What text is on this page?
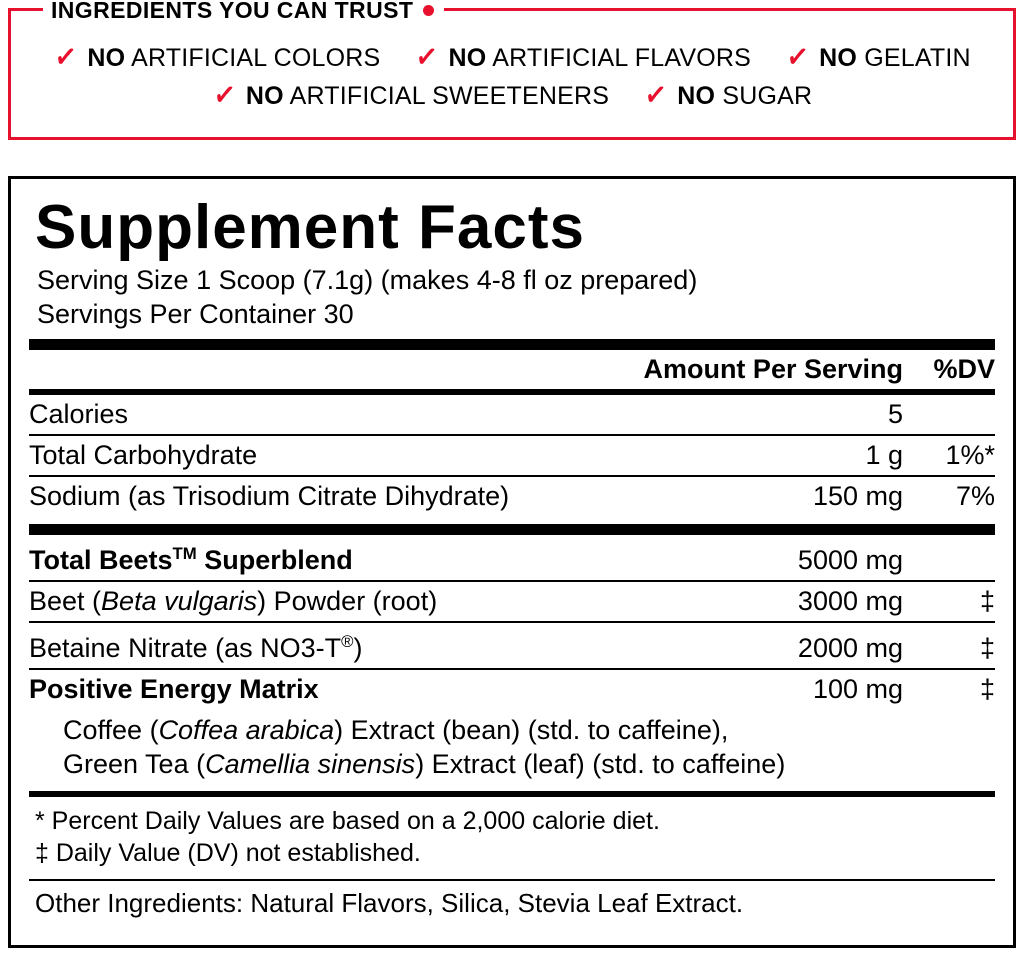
INGREDIENTS YOU CAN TRUST
✓ NO ARTIFICIAL COLORS ✓ NO ARTIFICIAL FLAVORS ✓ NO GELATIN
✓ NO ARTIFICIAL SWEETENERS ✓ NO SUGAR
Supplement Facts
Serving Size 1 Scoop (7.1g) (makes 4-8 fl oz prepared)
Servings Per Container 30
	Amount Per Serving	%DV
Calories	5	
Total Carbohydrate	1 g	1%*
Sodium (as Trisodium Citrate Dihydrate)	150 mg	7%
Total Beets™ Superblend	5000 mg	
Beet (Beta vulgaris) Powder (root)	3000 mg	‡
Betaine Nitrate (as NO3-T®)	2000 mg	‡
Positive Energy Matrix	100 mg	‡
Coffee (Coffea arabica) Extract (bean) (std. to caffeine),
Green Tea (Camellia sinensis) Extract (leaf) (std. to caffeine)
* Percent Daily Values are based on a 2,000 calorie diet.
‡ Daily Value (DV) not established.
Other Ingredients: Natural Flavors, Silica, Stevia Leaf Extract.
